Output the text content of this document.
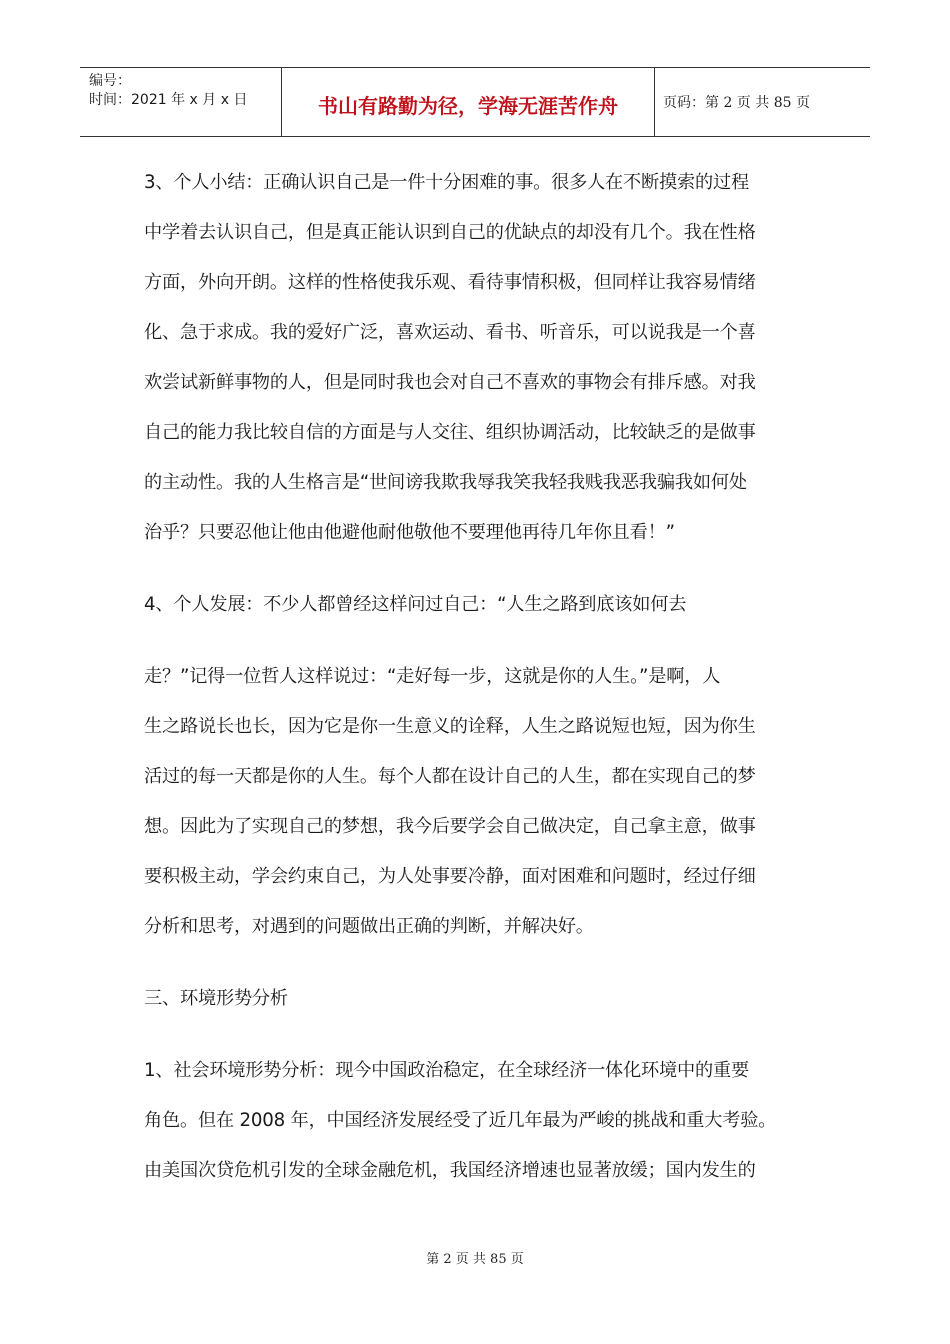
编号：
时间：2021 年 x 月 x 日	书山有路勤为径，学海无涯苦作舟	页码：第 2 页 共 85 页
3、个人小结：正确认识自己是一件十分困难的事。很多人在不断摸索的过程
中学着去认识自己，但是真正能认识到自己的优缺点的却没有几个。我在性格
方面，外向开朗。这样的性格使我乐观、看待事情积极，但同样让我容易情绪
化、急于求成。我的爱好广泛，喜欢运动、看书、听音乐，可以说我是一个喜
欢尝试新鲜事物的人，但是同时我也会对自己不喜欢的事物会有排斥感。对我
自己的能力我比较自信的方面是与人交往、组织协调活动，比较缺乏的是做事
的主动性。我的人生格言是“世间谤我欺我辱我笑我轻我贱我恶我骗我如何处
治乎？只要忍他让他由他避他耐他敬他不要理他再待几年你且看！”
4、个人发展：不少人都曾经这样问过自己：“人生之路到底该如何去
走？”记得一位哲人这样说过：“走好每一步，这就是你的人生。”是啊，人
生之路说长也长，因为它是你一生意义的诠释，人生之路说短也短，因为你生
活过的每一天都是你的人生。每个人都在设计自己的人生，都在实现自己的梦
想。因此为了实现自己的梦想，我今后要学会自己做决定，自己拿主意，做事
要积极主动，学会约束自己，为人处事要冷静，面对困难和问题时，经过仔细
分析和思考，对遇到的问题做出正确的判断，并解决好。
三、环境形势分析
1、社会环境形势分析：现今中国政治稳定，在全球经济一体化环境中的重要
角色。但在 2008 年，中国经济发展经受了近几年最为严峻的挑战和重大考验。
由美国次贷危机引发的全球金融危机，我国经济增速也显著放缓；国内发生的
第 2 页 共 85 页
